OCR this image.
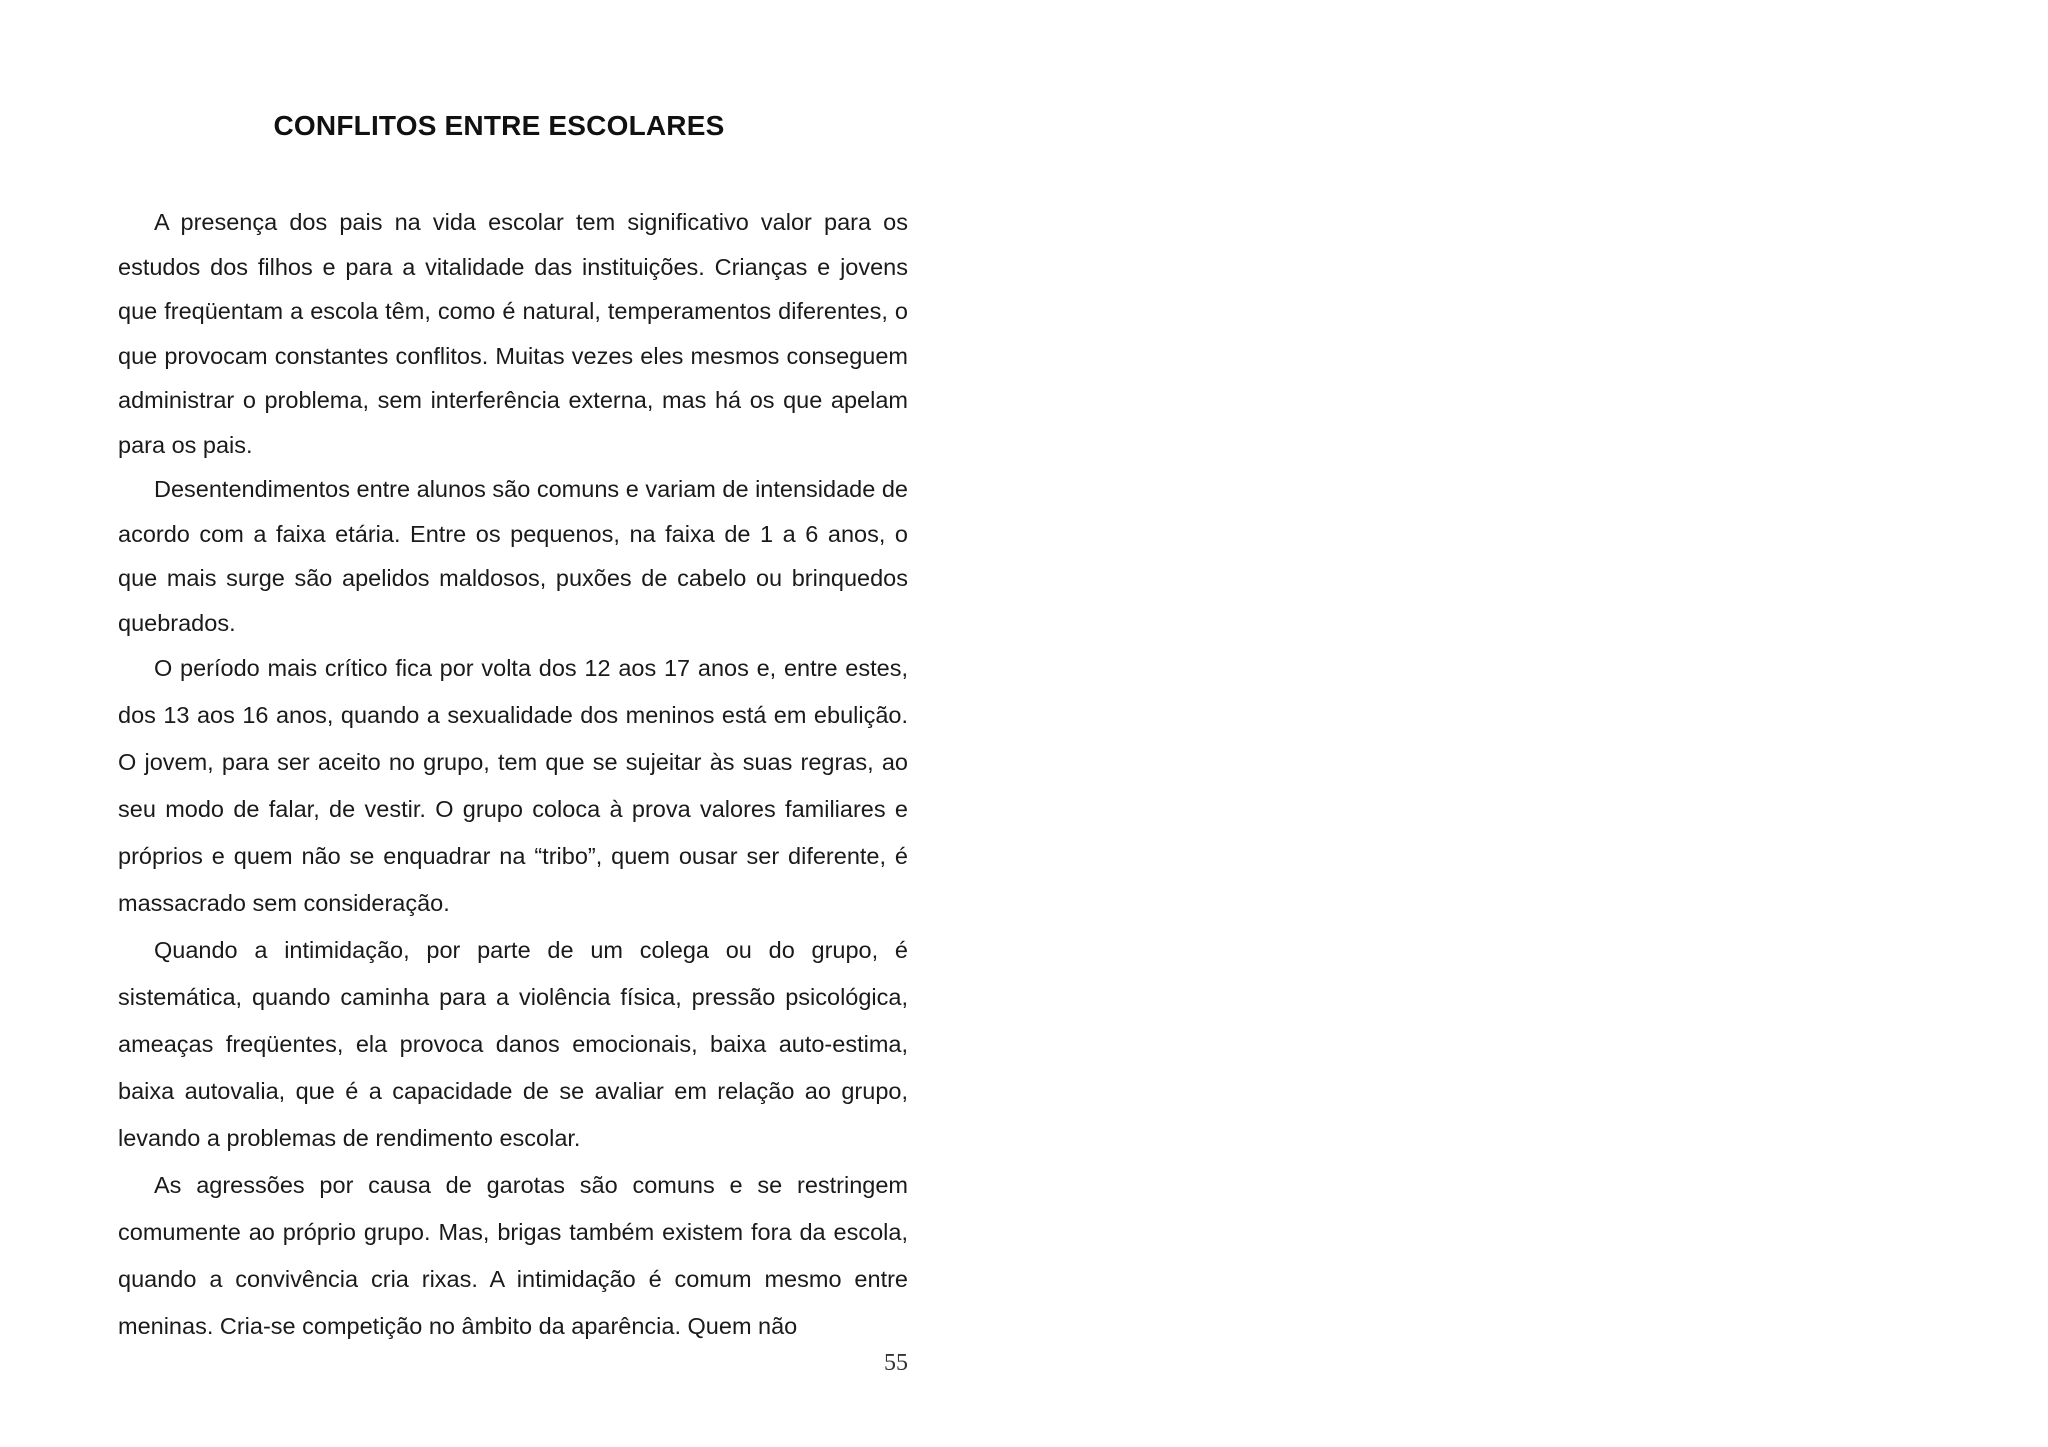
CONFLITOS ENTRE ESCOLARES

A presença dos pais na vida escolar tem significativo valor para os estudos dos filhos e para a vitalidade das instituições. Crianças e jovens que freqüentam a escola têm, como é natural, temperamentos diferentes, o que provocam constantes conflitos. Muitas vezes eles mesmos conseguem administrar o problema, sem interferência externa, mas há os que apelam para os pais.

Desentendimentos entre alunos são comuns e variam de intensidade de acordo com a faixa etária. Entre os pequenos, na faixa de 1 a 6 anos, o que mais surge são apelidos maldosos, puxões de cabelo ou brinquedos quebrados.

O período mais crítico fica por volta dos 12 aos 17 anos e, entre estes, dos 13 aos 16 anos, quando a sexualidade dos meninos está em ebulição. O jovem, para ser aceito no grupo, tem que se sujeitar às suas regras, ao seu modo de falar, de vestir. O grupo coloca à prova valores familiares e próprios e quem não se enquadrar na “tribo”, quem ousar ser diferente, é massacrado sem consideração.

Quando a intimidação, por parte de um colega ou do grupo, é sistemática, quando caminha para a violência física, pressão psicológica, ameaças freqüentes, ela provoca danos emocionais, baixa auto-estima, baixa autovalia, que é a capacidade de se avaliar em relação ao grupo, levando a problemas de rendimento escolar.

As agressões por causa de garotas são comuns e se restringem comumente ao próprio grupo. Mas, brigas também existem fora da escola, quando a convivência cria rixas. A intimidação é comum mesmo entre meninas. Cria-se competição no âmbito da aparência. Quem não

55
